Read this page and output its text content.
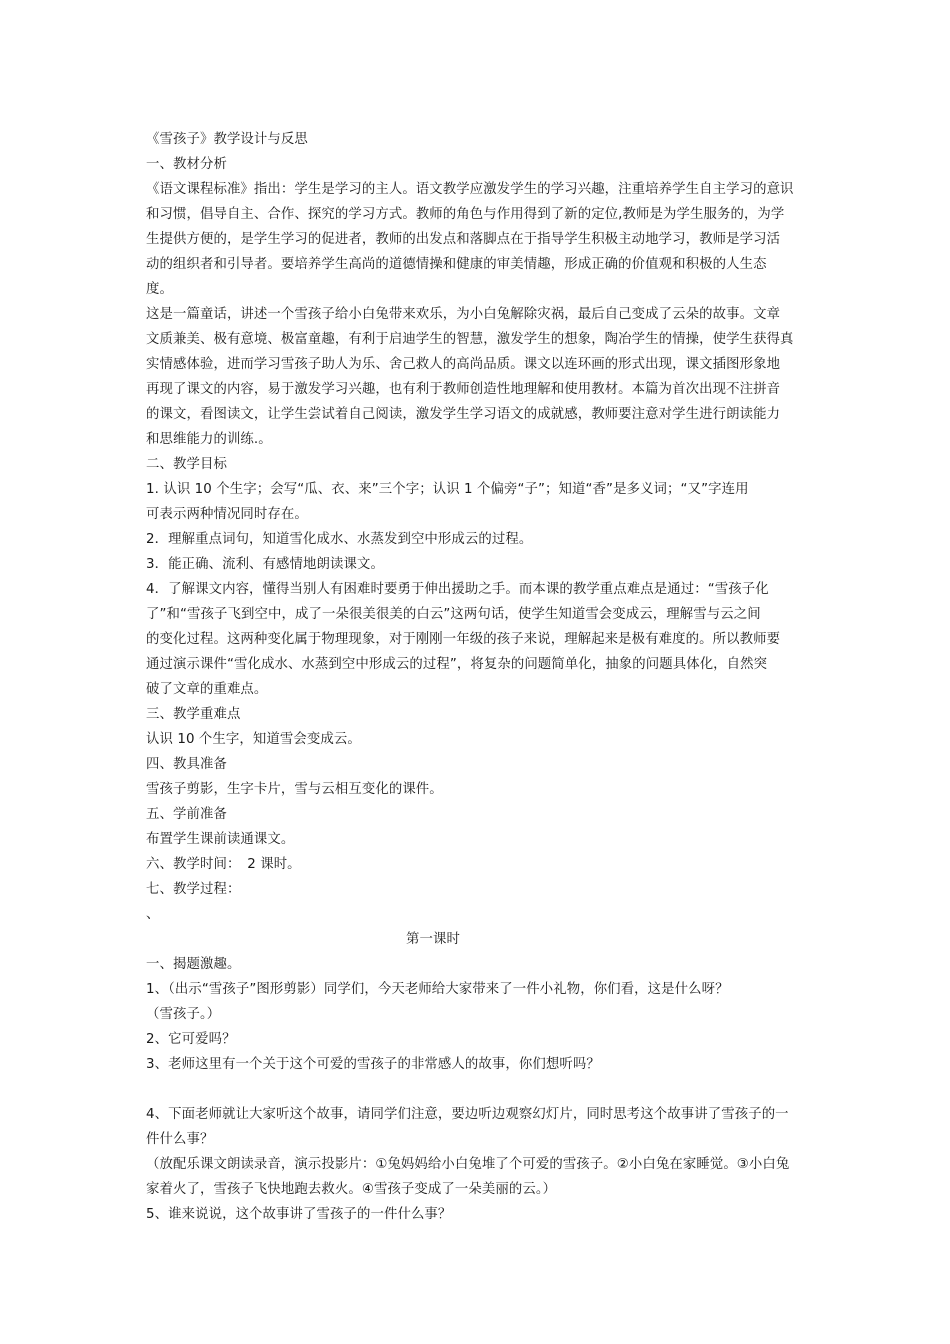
《雪孩子》教学设计与反思
一、教材分析
《语文课程标准》指出：学生是学习的主人。语文教学应激发学生的学习兴趣，注重培养学生自主学习的意识
和习惯，倡导自主、合作、探究的学习方式。教师的角色与作用得到了新的定位,教师是为学生服务的，为学
生提供方便的，是学生学习的促进者，教师的出发点和落脚点在于指导学生积极主动地学习，教师是学习活
动的组织者和引导者。要培养学生高尚的道德情操和健康的审美情趣，形成正确的价值观和积极的人生态
度。
这是一篇童话，讲述一个雪孩子给小白兔带来欢乐，为小白兔解除灾祸，最后自己变成了云朵的故事。文章
文质兼美、极有意境、极富童趣，有利于启迪学生的智慧，激发学生的想象，陶冶学生的情操，使学生获得真
实情感体验，进而学习雪孩子助人为乐、舍己救人的高尚品质。课文以连环画的形式出现，课文插图形象地
再现了课文的内容，易于激发学习兴趣，也有利于教师创造性地理解和使用教材。本篇为首次出现不注拼音
的课文，看图读文，让学生尝试着自己阅读，激发学生学习语文的成就感，教师要注意对学生进行朗读能力
和思维能力的训练.。
二、教学目标
1. 认识 10 个生字；会写“瓜、衣、来”三个字；认识 1 个偏旁“子”；知道“香”是多义词；“又”字连用
可表示两种情况同时存在。
2．理解重点词句，知道雪化成水、水蒸发到空中形成云的过程。
3．能正确、流利、有感情地朗读课文。
4．了解课文内容，懂得当别人有困难时要勇于伸出援助之手。而本课的教学重点难点是通过：“雪孩子化
了”和“雪孩子飞到空中，成了一朵很美很美的白云”这两句话，使学生知道雪会变成云，理解雪与云之间
的变化过程。这两种变化属于物理现象，对于刚刚一年级的孩子来说，理解起来是极有难度的。所以教师要
通过演示课件“雪化成水、水蒸到空中形成云的过程”，将复杂的问题简单化，抽象的问题具体化，自然突
破了文章的重难点。
三、教学重难点
认识 10 个生字，知道雪会变成云。
四、教具准备
雪孩子剪影，生字卡片，雪与云相互变化的课件。
五、学前准备
布置学生课前读通课文。
六、教学时间：　2 课时。
七、教学过程：
、
第一课时
一、揭题激趣。
1、（出示“雪孩子”图形剪影）同学们，今天老师给大家带来了一件小礼物，你们看，这是什么呀？
（雪孩子。）
2、它可爱吗？
3、老师这里有一个关于这个可爱的雪孩子的非常感人的故事，你们想听吗？
4、下面老师就让大家听这个故事，请同学们注意，要边听边观察幻灯片，同时思考这个故事讲了雪孩子的一
件什么事？
（放配乐课文朗读录音，演示投影片：①兔妈妈给小白兔堆了个可爱的雪孩子。②小白兔在家睡觉。③小白兔
家着火了，雪孩子飞快地跑去救火。④雪孩子变成了一朵美丽的云。）
5、谁来说说，这个故事讲了雪孩子的一件什么事？
